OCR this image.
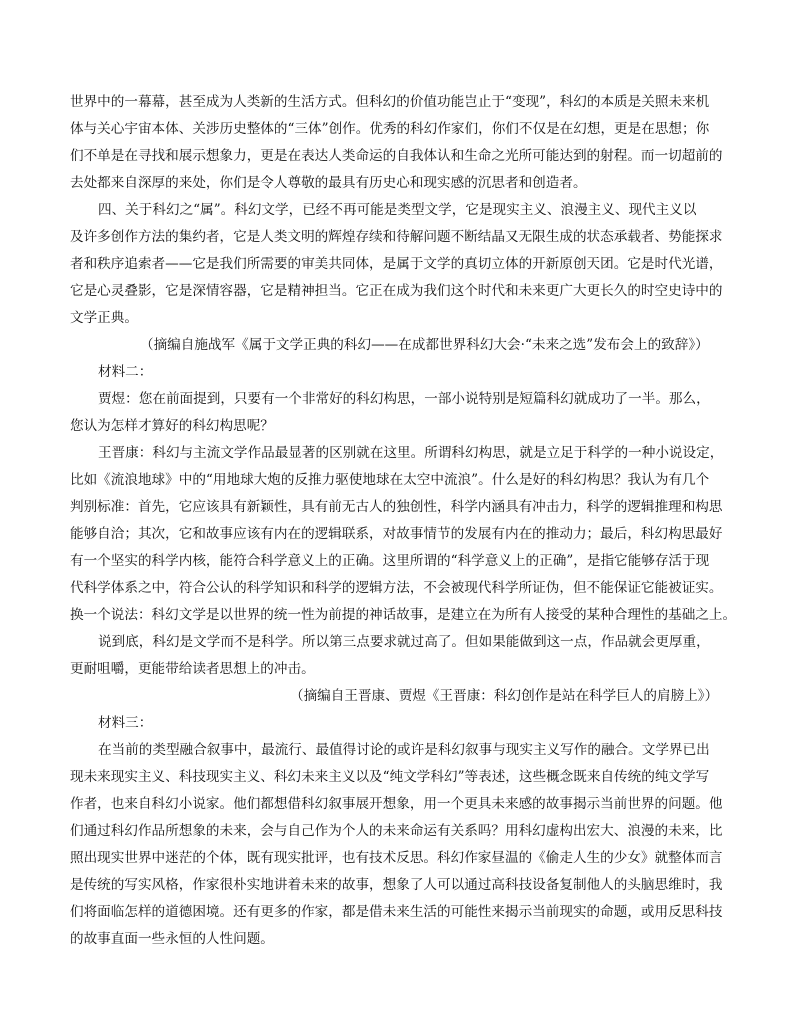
世界中的一幕幕，甚至成为人类新的生活方式。但科幻的价值功能岂止于“变现”，科幻的本质是关照未来机
体与关心宇宙本体、关涉历史整体的“三体”创作。优秀的科幻作家们，你们不仅是在幻想，更是在思想；你
们不单是在寻找和展示想象力，更是在表达人类命运的自我体认和生命之光所可能达到的射程。而一切超前的
去处都来自深厚的来处，你们是令人尊敬的最具有历史心和现实感的沉思者和创造者。
四、关于科幻之“属”。科幻文学，已经不再可能是类型文学，它是现实主义、浪漫主义、现代主义以
及许多创作方法的集约者，它是人类文明的辉煌存续和待解问题不断结晶又无限生成的状态承载者、势能探求
者和秩序追索者——它是我们所需要的审美共同体，是属于文学的真切立体的开新原创天团。它是时代光谱，
它是心灵叠影，它是深情容器，它是精神担当。它正在成为我们这个时代和未来更广大更长久的时空史诗中的
文学正典。
（摘编自施战军《属于文学正典的科幻——在成都世界科幻大会·“未来之选”发布会上的致辞》）
材料二：
贾煜：您在前面提到，只要有一个非常好的科幻构思，一部小说特别是短篇科幻就成功了一半。那么，
您认为怎样才算好的科幻构思呢？
王晋康：科幻与主流文学作品最显著的区别就在这里。所谓科幻构思，就是立足于科学的一种小说设定，
比如《流浪地球》中的“用地球大炮的反推力驱使地球在太空中流浪”。什么是好的科幻构思？我认为有几个
判别标准：首先，它应该具有新颖性，具有前无古人的独创性，科学内涵具有冲击力，科学的逻辑推理和构思
能够自洽；其次，它和故事应该有内在的逻辑联系，对故事情节的发展有内在的推动力；最后，科幻构思最好
有一个坚实的科学内核，能符合科学意义上的正确。这里所谓的“科学意义上的正确”，是指它能够存活于现
代科学体系之中，符合公认的科学知识和科学的逻辑方法，不会被现代科学所证伪，但不能保证它能被证实。
换一个说法：科幻文学是以世界的统一性为前提的神话故事，是建立在为所有人接受的某种合理性的基础之上。
说到底，科幻是文学而不是科学。所以第三点要求就过高了。但如果能做到这一点，作品就会更厚重，
更耐咀嚼，更能带给读者思想上的冲击。
（摘编自王晋康、贾煜《王晋康：科幻创作是站在科学巨人的肩膀上》）
材料三：
在当前的类型融合叙事中，最流行、最值得讨论的或许是科幻叙事与现实主义写作的融合。文学界已出
现未来现实主义、科技现实主义、科幻未来主义以及“纯文学科幻”等表述，这些概念既来自传统的纯文学写
作者，也来自科幻小说家。他们都想借科幻叙事展开想象，用一个更具未来感的故事揭示当前世界的问题。他
们通过科幻作品所想象的未来，会与自己作为个人的未来命运有关系吗？用科幻虚构出宏大、浪漫的未来，比
照出现实世界中迷茫的个体，既有现实批评，也有技术反思。科幻作家昼温的《偷走人生的少女》就整体而言
是传统的写实风格，作家很朴实地讲着未来的故事，想象了人可以通过高科技设备复制他人的头脑思维时，我
们将面临怎样的道德困境。还有更多的作家，都是借未来生活的可能性来揭示当前现实的命题，或用反思科技
的故事直面一些永恒的人性问题。
